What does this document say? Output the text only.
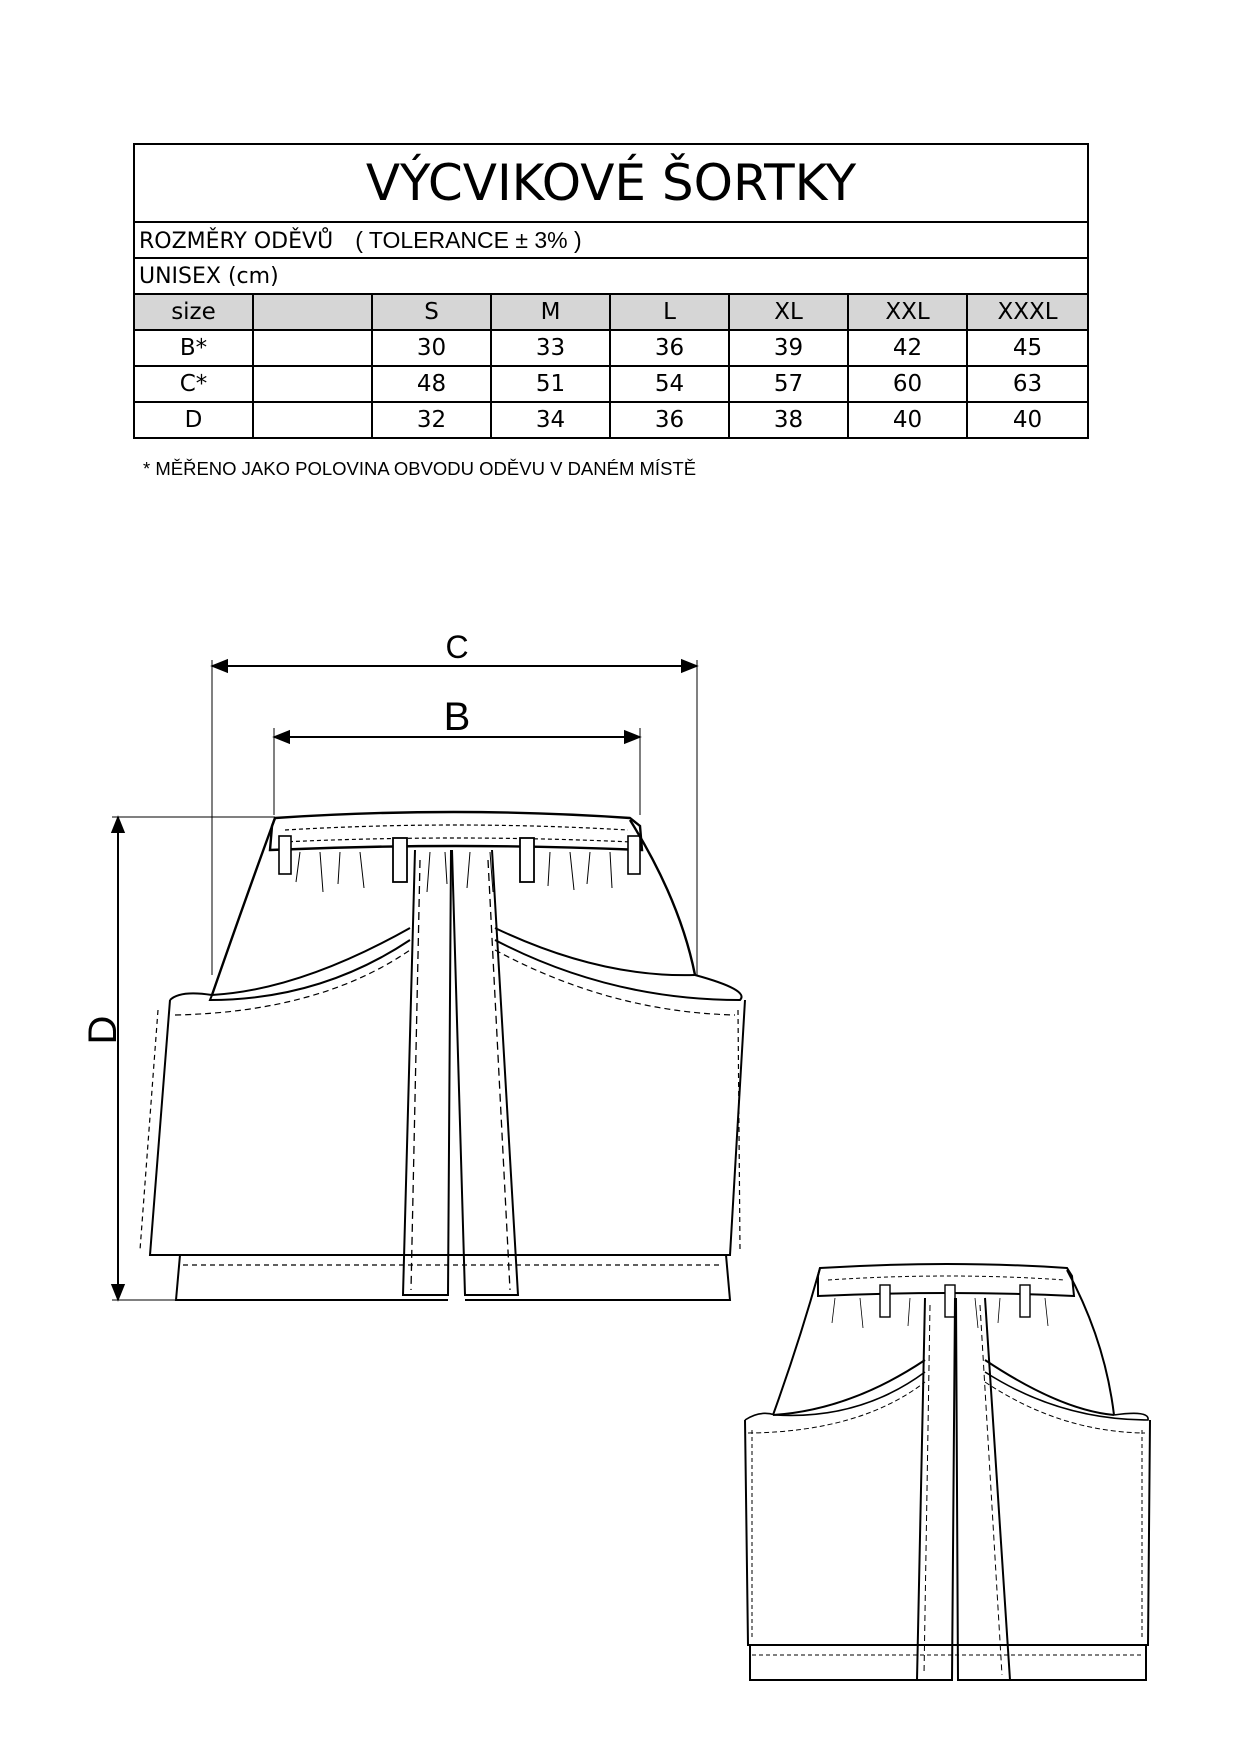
VÝCVIKOVÉ ŠORTKY							
ROZMĚRY ODĚVŮ ( TOLERANCE ± 3% )							
UNISEX (cm)							
size		S	M	L	XL	XXL	XXXL
B*		30	33	36	39	42	45
C*		48	51	54	57	60	63
D		32	34	36	38	40	40
* MĚŘENO JAKO POLOVINA OBVODU ODĚVU V DANÉM MÍSTĚ
C
B
D
